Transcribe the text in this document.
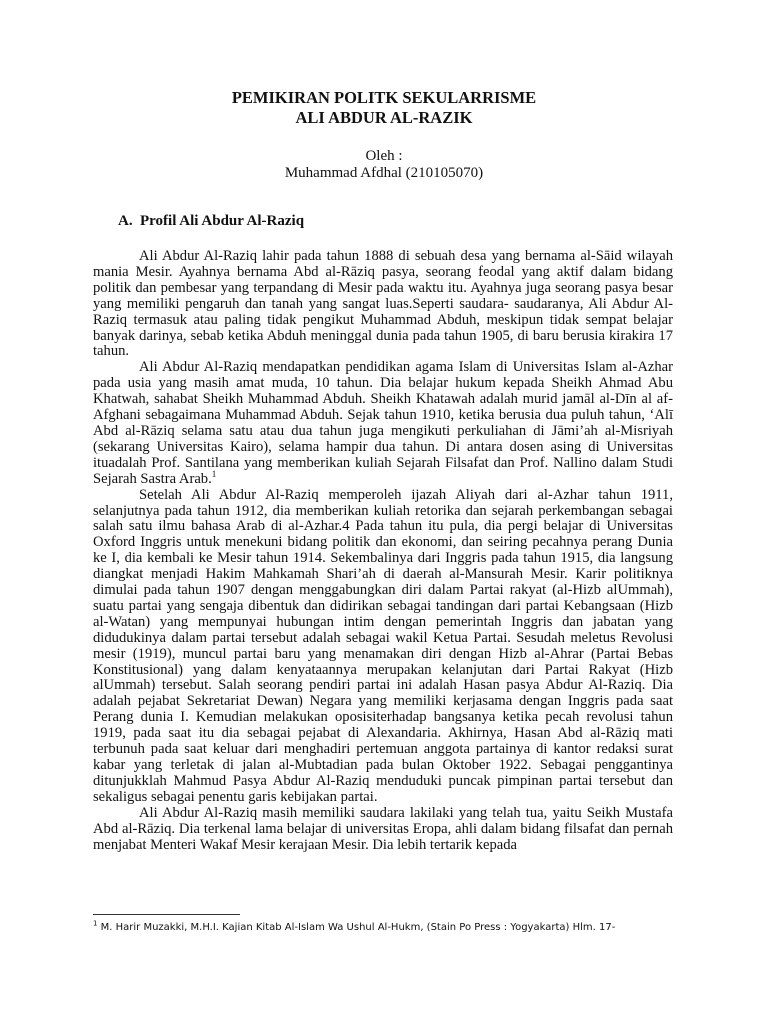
PEMIKIRAN POLITK SEKULARRISME
ALI ABDUR AL-RAZIK
Oleh :
Muhammad Afdhal (210105070)
A. Profil Ali Abdur Al-Raziq

Ali Abdur Al-Raziq lahir pada tahun 1888 di sebuah desa yang bernama al-Sāid wilayah mania Mesir. Ayahnya bernama Abd al-Rāziq pasya, seorang feodal yang aktif dalam bidang politik dan pembesar yang terpandang di Mesir pada waktu itu. Ayahnya juga seorang pasya besar yang memiliki pengaruh dan tanah yang sangat luas.Seperti saudara- saudaranya, Ali Abdur Al-Raziq termasuk atau paling tidak pengikut Muhammad Abduh, meskipun tidak sempat belajar banyak darinya, sebab ketika Abduh meninggal dunia pada tahun 1905, di baru berusia kirakira 17 tahun.

Ali Abdur Al-Raziq mendapatkan pendidikan agama Islam di Universitas Islam al-Azhar pada usia yang masih amat muda, 10 tahun. Dia belajar hukum kepada Sheikh Ahmad Abu Khatwah, sahabat Sheikh Muhammad Abduh. Sheikh Khatawah adalah murid jamāl al-Dīn al af-Afghani sebagaimana Muhammad Abduh. Sejak tahun 1910, ketika berusia dua puluh tahun, ‘Alī Abd al-Rāziq selama satu atau dua tahun juga mengikuti perkuliahan di Jāmi’ah al-Misriyah (sekarang Universitas Kairo), selama hampir dua tahun. Di antara dosen asing di Universitas ituadalah Prof. Santilana yang memberikan kuliah Sejarah Filsafat dan Prof. Nallino dalam Studi Sejarah Sastra Arab.$^1$

Setelah Ali Abdur Al-Raziq memperoleh ijazah Aliyah dari al-Azhar tahun 1911, selanjutnya pada tahun 1912, dia memberikan kuliah retorika dan sejarah perkembangan sebagai salah satu ilmu bahasa Arab di al-Azhar.4 Pada tahun itu pula, dia pergi belajar di Universitas Oxford Inggris untuk menekuni bidang politik dan ekonomi, dan seiring pecahnya perang Dunia ke I, dia kembali ke Mesir tahun 1914. Sekembalinya dari Inggris pada tahun 1915, dia langsung diangkat menjadi Hakim Mahkamah Shari’ah di daerah al-Mansurah Mesir. Karir politiknya dimulai pada tahun 1907 dengan menggabungkan diri dalam Partai rakyat (al-Hizb alUmmah), suatu partai yang sengaja dibentuk dan didirikan sebagai tandingan dari partai Kebangsaan (Hizb al-Watan) yang mempunyai hubungan intim dengan pemerintah Inggris dan jabatan yang didudukinya dalam partai tersebut adalah sebagai wakil Ketua Partai. Sesudah meletus Revolusi mesir (1919), muncul partai baru yang menamakan diri dengan Hizb al-Ahrar (Partai Bebas Konstitusional) yang dalam kenyataannya merupakan kelanjutan dari Partai Rakyat (Hizb alUmmah) tersebut. Salah seorang pendiri partai ini adalah Hasan pasya Abdur Al-Raziq. Dia adalah pejabat Sekretariat Dewan) Negara yang memiliki kerjasama dengan Inggris pada saat Perang dunia I. Kemudian melakukan oposisiterhadap bangsanya ketika pecah revolusi tahun 1919, pada saat itu dia sebagai pejabat di Alexandaria. Akhirnya, Hasan Abd al-Rāziq mati terbunuh pada saat keluar dari menghadiri pertemuan anggota partainya di kantor redaksi surat kabar yang terletak di jalan al-Mubtadian pada bulan Oktober 1922. Sebagai penggantinya ditunjukklah Mahmud Pasya Abdur Al-Raziq menduduki puncak pimpinan partai tersebut dan sekaligus sebagai penentu garis kebijakan partai.

Ali Abdur Al-Raziq masih memiliki saudara lakilaki yang telah tua, yaitu Seikh Mustafa Abd al-Rāziq. Dia terkenal lama belajar di universitas Eropa, ahli dalam bidang filsafat dan pernah menjabat Menteri Wakaf Mesir kerajaan Mesir. Dia lebih tertarik kepada

$^1$ M. Harir Muzakki, M.H.I. Kajian Kitab Al-Islam Wa Ushul Al-Hukm, (Stain Po Press : Yogyakarta) Hlm. 17-
